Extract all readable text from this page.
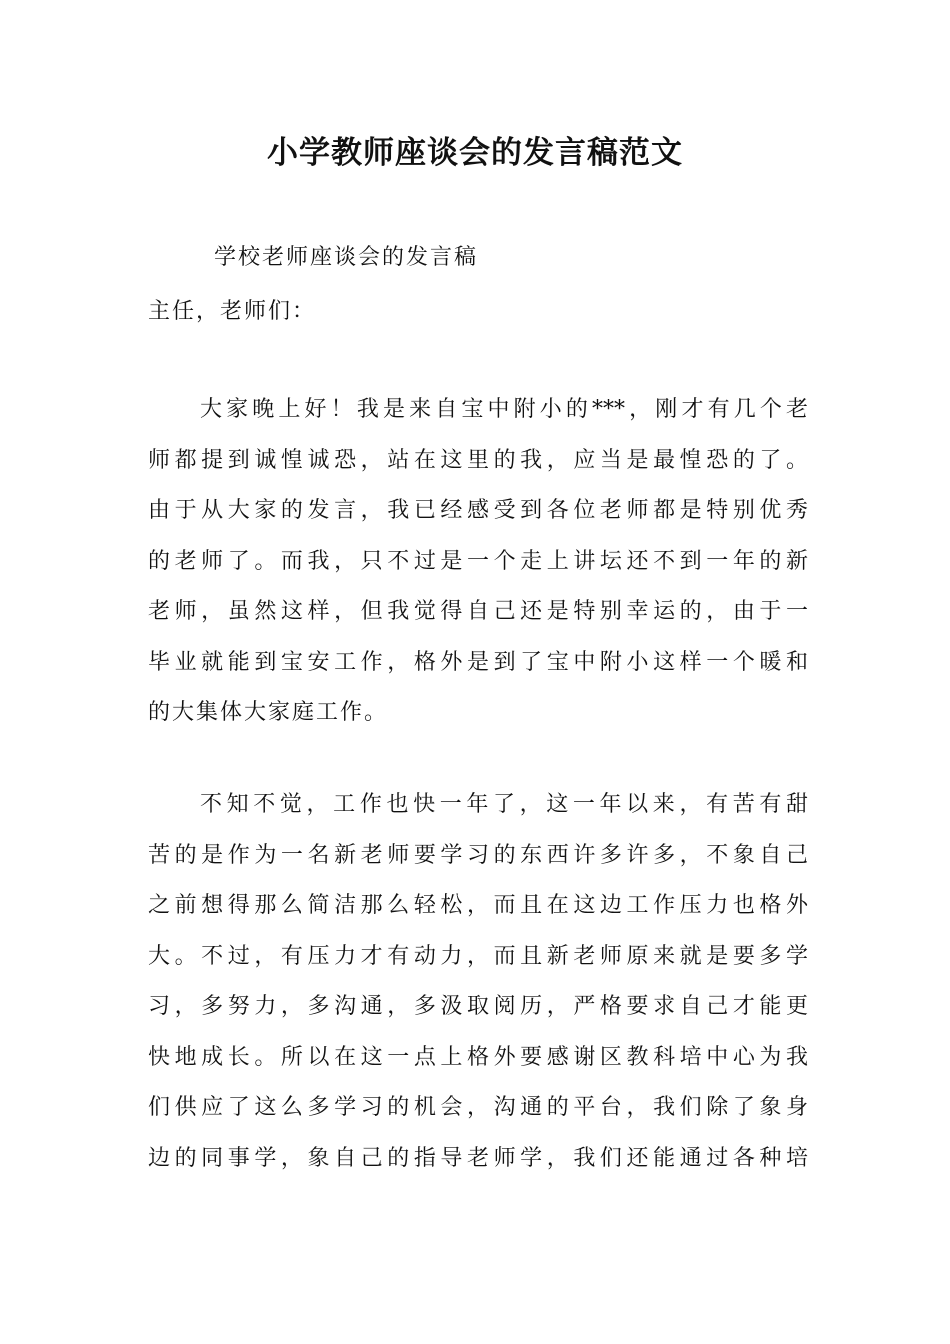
小学教师座谈会的发言稿范文
学校老师座谈会的发言稿
主任，老师们：
大家晚上好！我是来自宝中附小的***，刚才有几个老
师都提到诚惶诚恐，站在这里的我，应当是最惶恐的了。
由于从大家的发言，我已经感受到各位老师都是特别优秀
的老师了。而我，只不过是一个走上讲坛还不到一年的新
老师，虽然这样，但我觉得自己还是特别幸运的，由于一
毕业就能到宝安工作，格外是到了宝中附小这样一个暖和
的大集体大家庭工作。
不知不觉，工作也快一年了，这一年以来，有苦有甜
苦的是作为一名新老师要学习的东西许多许多，不象自己
之前想得那么简洁那么轻松，而且在这边工作压力也格外
大。不过，有压力才有动力，而且新老师原来就是要多学
习，多努力，多沟通，多汲取阅历，严格要求自己才能更
快地成长。所以在这一点上格外要感谢区教科培中心为我
们供应了这么多学习的机会，沟通的平台，我们除了象身
边的同事学，象自己的指导老师学，我们还能通过各种培
